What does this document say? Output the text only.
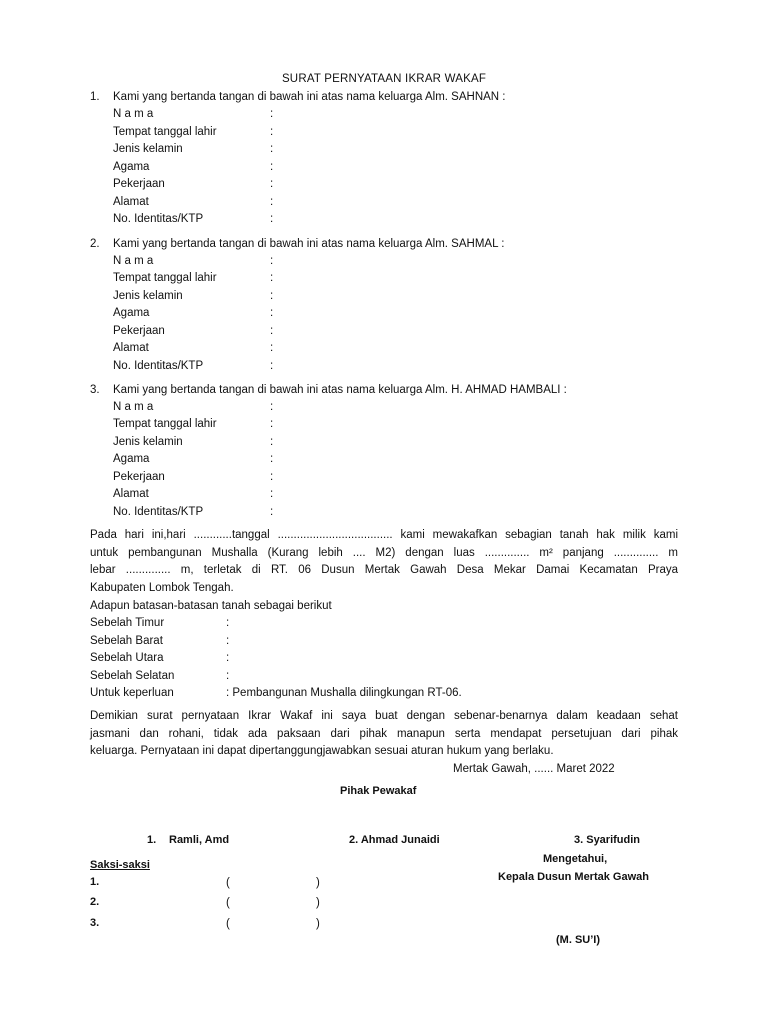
SURAT PERNYATAAN IKRAR WAKAF
1. Kami yang bertanda tangan di bawah ini atas nama keluarga Alm. SAHNAN :
N a m a	:
Tempat tanggal lahir	:
Jenis kelamin	:
Agama	:
Pekerjaan	:
Alamat	:
No. Identitas/KTP	:
2. Kami yang bertanda tangan di bawah ini atas nama keluarga Alm. SAHMAL :
N a m a	:
Tempat tanggal lahir	:
Jenis kelamin	:
Agama	:
Pekerjaan	:
Alamat	:
No. Identitas/KTP	:
3. Kami yang bertanda tangan di bawah ini atas nama keluarga Alm. H. AHMAD HAMBALI :
N a m a	:
Tempat tanggal lahir	:
Jenis kelamin	:
Agama	:
Pekerjaan	:
Alamat	:
No. Identitas/KTP	:
Pada hari ini,hari ............tanggal .................................... kami mewakafkan sebagian tanah hak milik kami
untuk pembangunan Mushalla (Kurang lebih .... M2) dengan luas .............. m² panjang .............. m
lebar .............. m, terletak di RT. 06 Dusun Mertak Gawah Desa Mekar Damai Kecamatan Praya
Kabupaten Lombok Tengah.
Adapun batasan-batasan tanah sebagai berikut
Sebelah Timur	:
Sebelah Barat	:
Sebelah Utara	:
Sebelah Selatan	:
Untuk keperluan	: Pembangunan Mushalla dilingkungan RT-06.
Demikian surat pernyataan Ikrar Wakaf ini saya buat dengan sebenar-benarnya dalam keadaan sehat
jasmani dan rohani, tidak ada paksaan dari pihak manapun serta mendapat persetujuan dari pihak
keluarga. Pernyataan ini dapat dipertanggungjawabkan sesuai aturan hukum yang berlaku.
Mertak Gawah, ...... Maret 2022
Pihak Pewakaf
1. Ramli, Amd	2. Ahmad Junaidi	3. Syarifudin
Saksi-saksi	Mengetahui,
Kepala Dusun Mertak Gawah
1.	(	)
2.	(	)
3.	(	)
(M. SU’I)
